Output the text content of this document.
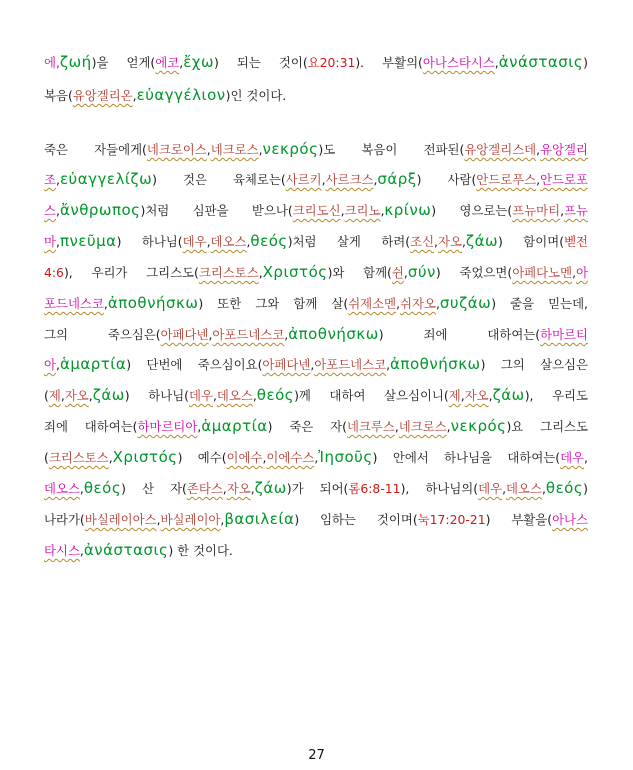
에,ζωή)을 얻게(에코,ἔχω) 되는 것이(요20:31). 부활의(아나스타시스,ἀνάστασις)
복음(유앙겔리온,εὐαγγέλιον)인 것이다.
죽은 자들에게(네크로이스,네크로스,νεκρός)도 복음이 전파된(유앙겔리스데,유앙겔리
조,εὐαγγελίζω) 것은 육체로는(사르키,사르크스,σάρξ) 사람(안드로푸스,안드로포
스,ἄνθρωπος)처럼 심판을 받으나(크리도신,크리노,κρίνω) 영으로는(프뉴마티,프뉴
마,πνεῦμα) 하나님(데우,데오스,θεός)처럼 살게 하려(조신,자오,ζάω) 함이며(벧전
4:6), 우리가 그리스도(크리스토스,Χριστός)와 함께(쉰,σύν) 죽었으면(아페다노멘,아
포드네스코,ἀποθνήσκω) 또한 그와 함께 살(쉬제소멘,쉬자오,συζάω) 줄을 믿는데,
그의 죽으심은(아페다넨,아포드네스코,ἀποθνήσκω) 죄에 대하여는(하마르티
아,ἁμαρτία) 단번에 죽으심이요(아페다넨,아포드네스코,ἀποθνήσκω) 그의 살으심은
(제,자오,ζάω) 하나님(데우,데오스,θεός)께 대하여 살으심이니(제,자오,ζάω), 우리도
죄에 대하여는(하마르티아,ἁμαρτία) 죽은 자(네크루스,네크로스,νεκρός)요 그리스도
(크리스토스,Χριστός) 예수(이에수,이에수스,Ἰησοῦς) 안에서 하나님을 대하여는(데우,
데오스,θεός) 산 자(존타스,자오,ζάω)가 되어(롬6:8-11), 하나님의(데우,데오스,θεός)
나라가(바실레이아스,바실레이아,βασιλεία) 임하는 것이며(눅17:20-21) 부활을(아나스
타시스,ἀνάστασις) 한 것이다.
27
